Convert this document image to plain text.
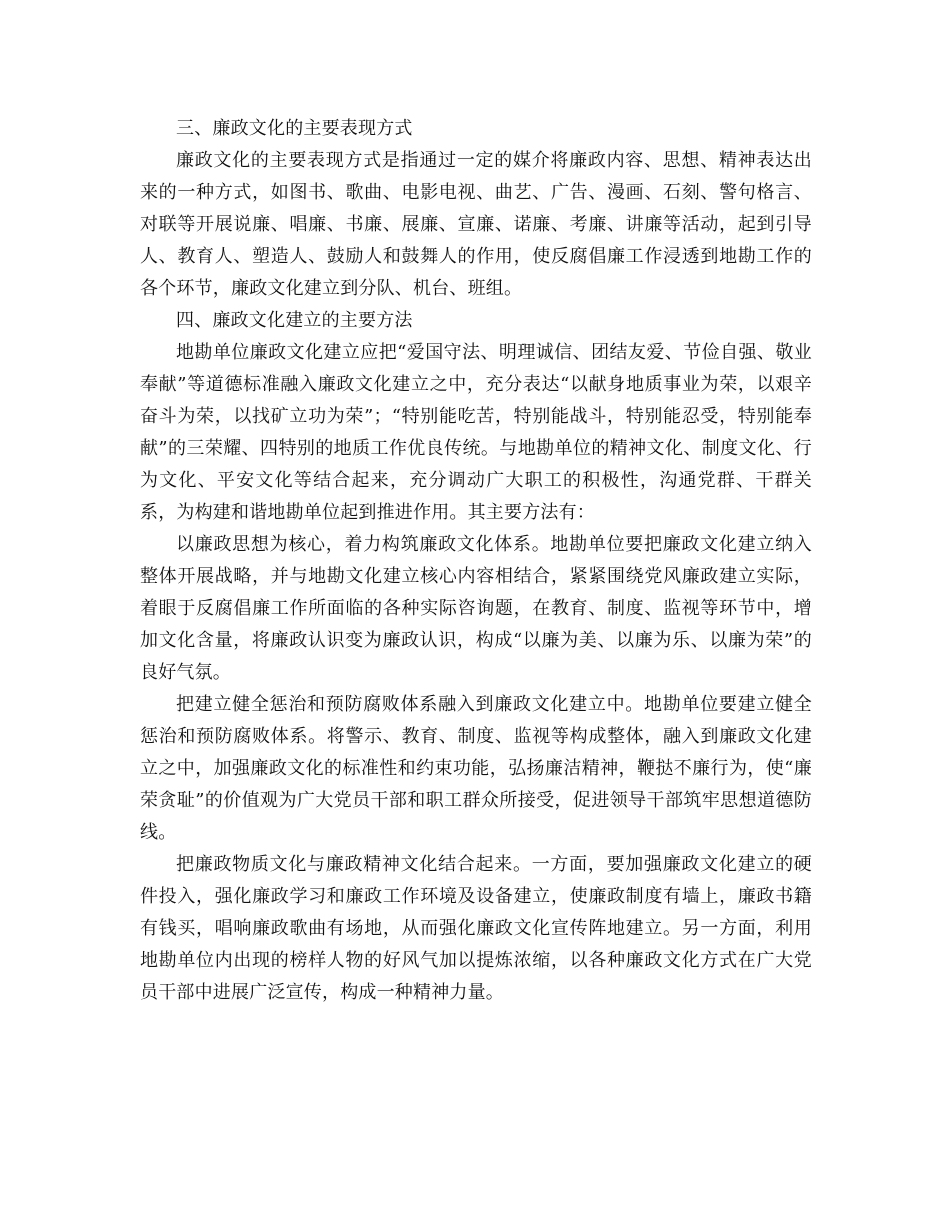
三、廉政文化的主要表现方式

廉政文化的主要表现方式是指通过一定的媒介将廉政内容、思想、精神表达出来的一种方式，如图书、歌曲、电影电视、曲艺、广告、漫画、石刻、警句格言、对联等开展说廉、唱廉、书廉、展廉、宣廉、诺廉、考廉、讲廉等活动，起到引导人、教育人、塑造人、鼓励人和鼓舞人的作用，使反腐倡廉工作浸透到地勘工作的各个环节，廉政文化建立到分队、机台、班组。

四、廉政文化建立的主要方法

地勘单位廉政文化建立应把“爱国守法、明理诚信、团结友爱、节俭自强、敬业奉献”等道德标准融入廉政文化建立之中，充分表达“以献身地质事业为荣，以艰辛奋斗为荣，以找矿立功为荣”；“特别能吃苦，特别能战斗，特别能忍受，特别能奉献”的三荣耀、四特别的地质工作优良传统。与地勘单位的精神文化、制度文化、行为文化、平安文化等结合起来，充分调动广大职工的积极性，沟通党群、干群关系，为构建和谐地勘单位起到推进作用。其主要方法有：

以廉政思想为核心，着力构筑廉政文化体系。地勘单位要把廉政文化建立纳入整体开展战略，并与地勘文化建立核心内容相结合，紧紧围绕党风廉政建立实际，着眼于反腐倡廉工作所面临的各种实际咨询题，在教育、制度、监视等环节中，增加文化含量，将廉政认识变为廉政认识，构成“以廉为美、以廉为乐、以廉为荣”的良好气氛。

把建立健全惩治和预防腐败体系融入到廉政文化建立中。地勘单位要建立健全惩治和预防腐败体系。将警示、教育、制度、监视等构成整体，融入到廉政文化建立之中，加强廉政文化的标准性和约束功能，弘扬廉洁精神，鞭挞不廉行为，使“廉荣贪耻”的价值观为广大党员干部和职工群众所接受，促进领导干部筑牢思想道德防线。

把廉政物质文化与廉政精神文化结合起来。一方面，要加强廉政文化建立的硬件投入，强化廉政学习和廉政工作环境及设备建立，使廉政制度有墙上，廉政书籍有钱买，唱响廉政歌曲有场地，从而强化廉政文化宣传阵地建立。另一方面，利用地勘单位内出现的榜样人物的好风气加以提炼浓缩，以各种廉政文化方式在广大党员干部中进展广泛宣传，构成一种精神力量。
